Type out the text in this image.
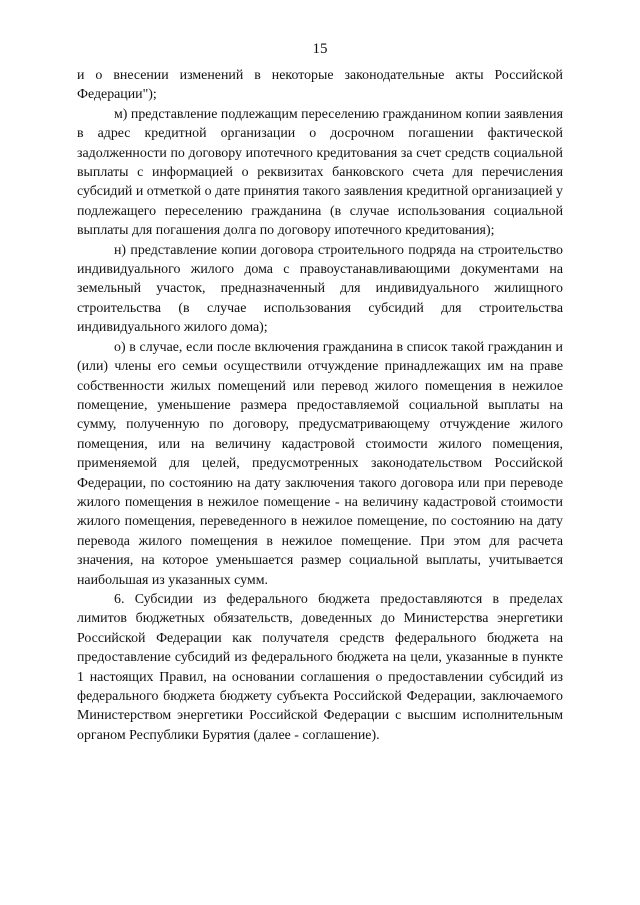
15

и о внесении изменений в некоторые законодательные акты Российской Федерации");

м) представление подлежащим переселению гражданином копии заявления в адрес кредитной организации о досрочном погашении фактической задолженности по договору ипотечного кредитования за счет средств социальной выплаты с информацией о реквизитах банковского счета для перечисления субсидий и отметкой о дате принятия такого заявления кредитной организацией у подлежащего переселению гражданина (в случае использования социальной выплаты для погашения долга по договору ипотечного кредитования);

н) представление копии договора строительного подряда на строительство индивидуального жилого дома с правоустанавливающими документами на земельный участок, предназначенный для индивидуального жилищного строительства (в случае использования субсидий для строительства индивидуального жилого дома);

о) в случае, если после включения гражданина в список такой гражданин и (или) члены его семьи осуществили отчуждение принадлежащих им на праве собственности жилых помещений или перевод жилого помещения в нежилое помещение, уменьшение размера предоставляемой социальной выплаты на сумму, полученную по договору, предусматривающему отчуждение жилого помещения, или на величину кадастровой стоимости жилого помещения, применяемой для целей, предусмотренных законодательством Российской Федерации, по состоянию на дату заключения такого договора или при переводе жилого помещения в нежилое помещение - на величину кадастровой стоимости жилого помещения, переведенного в нежилое помещение, по состоянию на дату перевода жилого помещения в нежилое помещение. При этом для расчета значения, на которое уменьшается размер социальной выплаты, учитывается наибольшая из указанных сумм.

6. Субсидии из федерального бюджета предоставляются в пределах лимитов бюджетных обязательств, доведенных до Министерства энергетики Российской Федерации как получателя средств федерального бюджета на предоставление субсидий из федерального бюджета на цели, указанные в пункте 1 настоящих Правил, на основании соглашения о предоставлении субсидий из федерального бюджета бюджету субъекта Российской Федерации, заключаемого Министерством энергетики Российской Федерации с высшим исполнительным органом Республики Бурятия (далее - соглашение).
